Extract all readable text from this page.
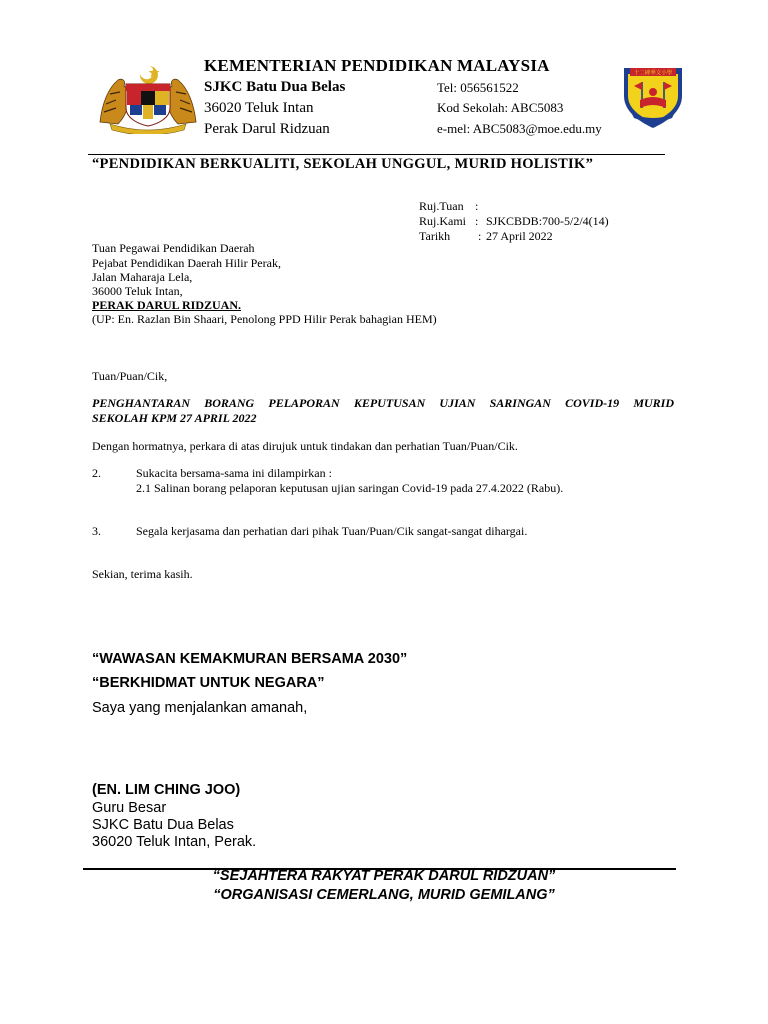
十二碑華文小學
KEMENTERIAN PENDIDIKAN MALAYSIA
SJKC Batu Dua Belas
36020 Teluk Intan
Perak Darul Ridzuan
Tel: 056561522
Kod Sekolah: ABC5083
e-mel: ABC5083@moe.edu.my
“PENDIDIKAN BERKUALITI, SEKOLAH UNGGUL, MURID HOLISTIK”
Ruj.Tuan :
Ruj.Kami : SJKCBDB:700-5/2/4(14)
Tarikh : 27 April 2022
Tuan Pegawai Pendidikan Daerah
Pejabat Pendidikan Daerah Hilir Perak,
Jalan Maharaja Lela,
36000 Teluk Intan,
PERAK DARUL RIDZUAN.
(UP: En. Razlan Bin Shaari, Penolong PPD Hilir Perak bahagian HEM)
Tuan/Puan/Cik,
PENGHANTARAN BORANG PELAPORAN KEPUTUSAN UJIAN SARINGAN COVID-19 MURID
SEKOLAH KPM 27 APRIL 2022
Dengan hormatnya, perkara di atas dirujuk untuk tindakan dan perhatian Tuan/Puan/Cik.
2.	Sukacita bersama-sama ini dilampirkan :
2.1 Salinan borang pelaporan keputusan ujian saringan Covid-19 pada 27.4.2022 (Rabu).
3.	Segala kerjasama dan perhatian dari pihak Tuan/Puan/Cik sangat-sangat dihargai.
Sekian, terima kasih.
“WAWASAN KEMAKMURAN BERSAMA 2030”
“BERKHIDMAT UNTUK NEGARA”
Saya yang menjalankan amanah,
(EN. LIM CHING JOO)
Guru Besar
SJKC Batu Dua Belas
36020 Teluk Intan, Perak.
“SEJAHTERA RAKYAT PERAK DARUL RIDZUAN”
“ORGANISASI CEMERLANG, MURID GEMILANG”
